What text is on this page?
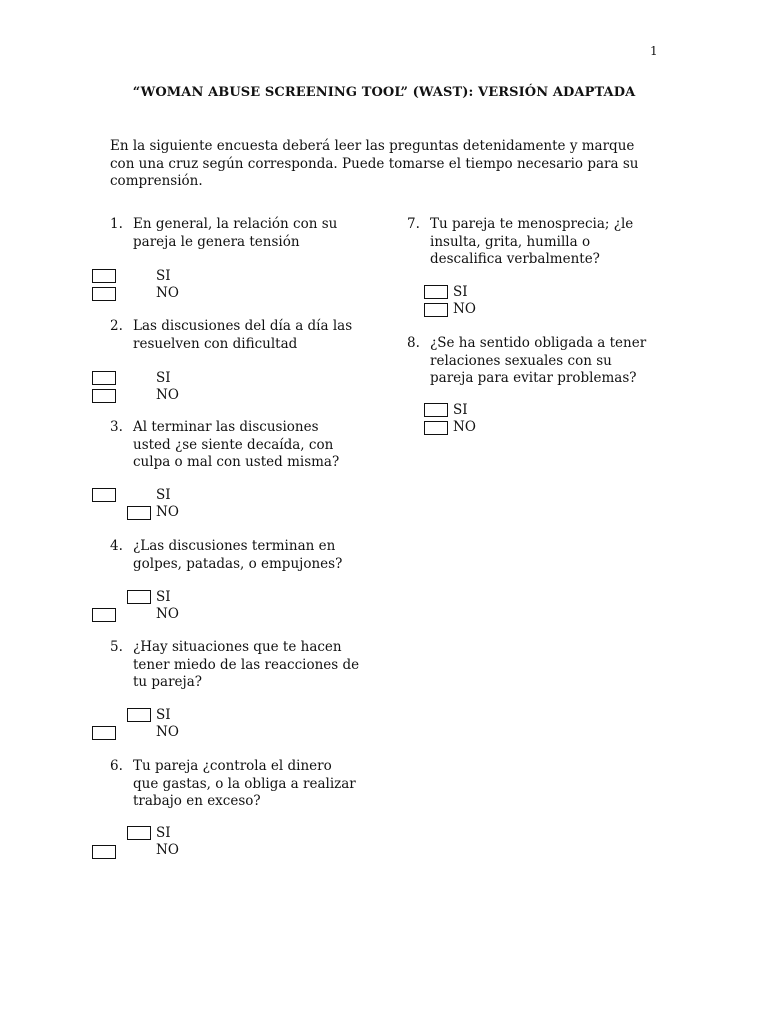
1
“WOMAN ABUSE SCREENING TOOL” (WAST): VERSIÓN ADAPTADA
En la siguiente encuesta deberá leer las preguntas detenidamente y marque con una cruz según corresponda. Puede tomarse el tiempo necesario para su comprensión.
1. En general, la relación con su
pareja le genera tensión
SI
NO
2. Las discusiones del día a día las
resuelven con dificultad
SI
NO
3. Al terminar las discusiones
usted ¿se siente decaída, con
culpa o mal con usted misma?
SI
NO
4. ¿Las discusiones terminan en
golpes, patadas, o empujones?
SI
NO
5. ¿Hay situaciones que te hacen
tener miedo de las reacciones de
tu pareja?
SI
NO
6. Tu pareja ¿controla el dinero
que gastas, o la obliga a realizar
trabajo en exceso?
SI
NO
7. Tu pareja te menosprecia; ¿le
insulta, grita, humilla o
descalifica verbalmente?
SI
NO
8. ¿Se ha sentido obligada a tener
relaciones sexuales con su
pareja para evitar problemas?
SI
NO
